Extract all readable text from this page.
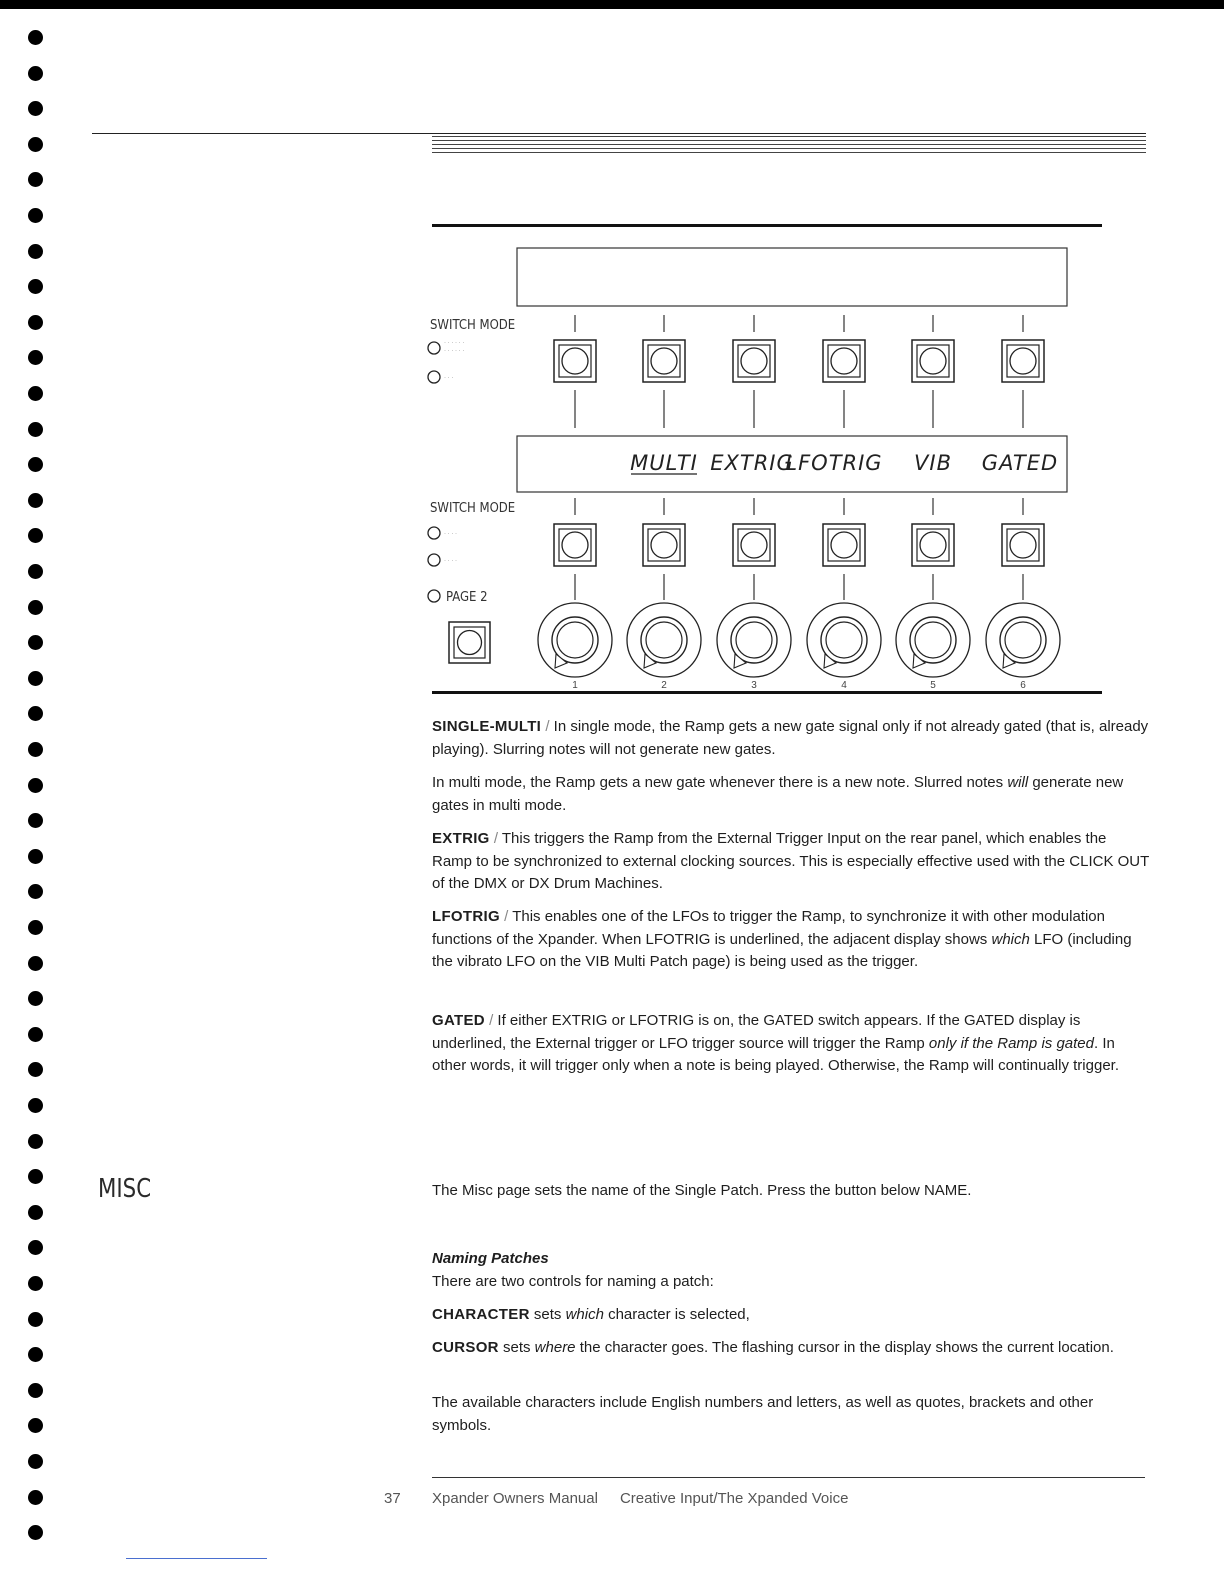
SWITCH MODE
· · · · · ·
· · · · · ·
· · ·
MULTI EXTRIG
LFOTRIG VIB GATED
SWITCH MODE
· · · ·
· · · ·
PAGE 2
1	2	3	4	5	6

SINGLE-MULTI / In single mode, the Ramp gets a new gate signal only if not already gated (that is, already playing). Slurring notes will not generate new gates.

In multi mode, the Ramp gets a new gate whenever there is a new note. Slurred notes will generate new gates in multi mode.

EXTRIG / This triggers the Ramp from the External Trigger Input on the rear panel, which enables the Ramp to be synchronized to external clocking sources. This is especially effective used with the CLICK OUT of the DMX or DX Drum Machines.

LFOTRIG / This enables one of the LFOs to trigger the Ramp, to synchronize it with other modulation functions of the Xpander. When LFOTRIG is underlined, the adjacent display shows which LFO (including the vibrato LFO on the VIB Multi Patch page) is being used as the trigger.

GATED / If either EXTRIG or LFOTRIG is on, the GATED switch appears. If the GATED display is underlined, the External trigger or LFO trigger source will trigger the Ramp only if the Ramp is gated. In other words, it will trigger only when a note is being played. Otherwise, the Ramp will continually trigger.

MISC	The Misc page sets the name of the Single Patch. Press the button below NAME.

Naming Patches

There are two controls for naming a patch:

CHARACTER sets which character is selected,

CURSOR sets where the character goes. The flashing cursor in the display shows the current location.

The available characters include English numbers and letters, as well as quotes, brackets and other symbols.
37 Xpander Owners Manual Creative Input/The Xpanded Voice
